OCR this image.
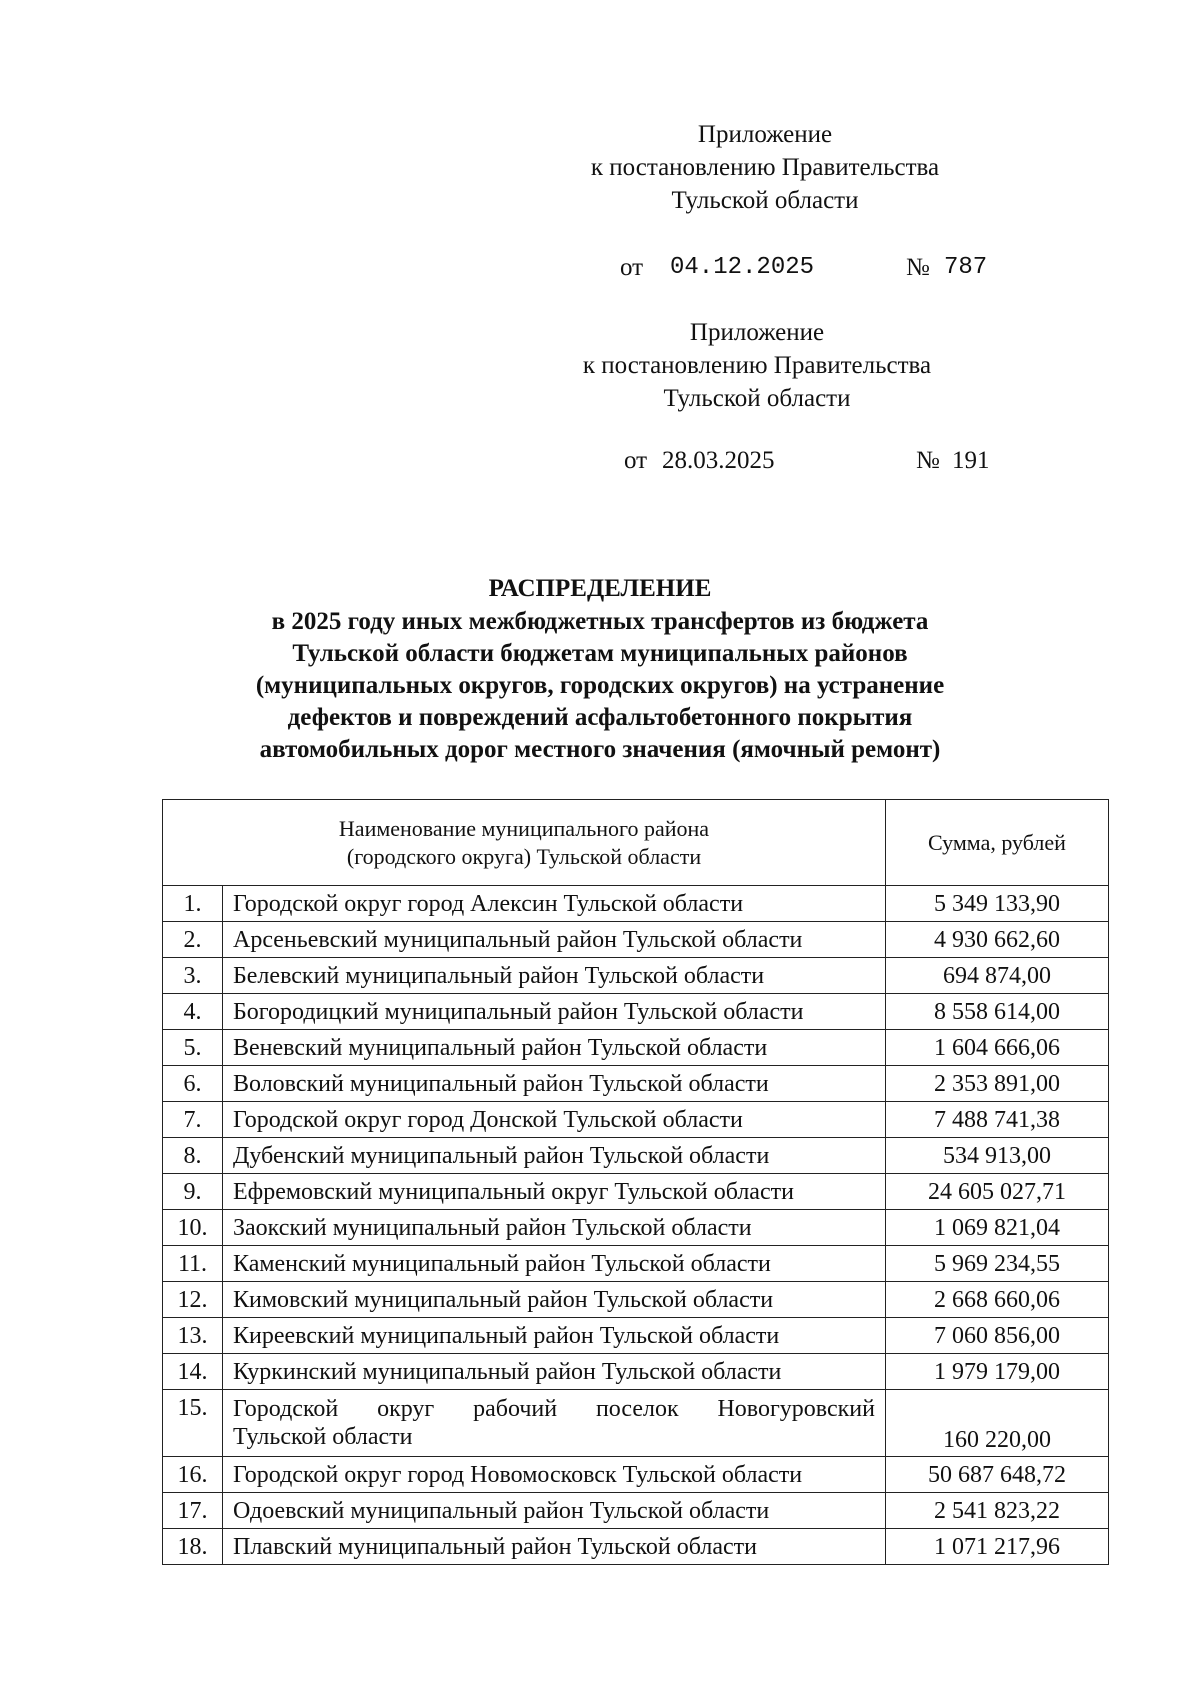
Приложение
к постановлению Правительства
Тульской области
от 04.12.2025	№ 787
Приложение
к постановлению Правительства
Тульской области
от 28.03.2025	№ 191
РАСПРЕДЕЛЕНИЕ
в 2025 году иных межбюджетных трансфертов из бюджета
Тульской области бюджетам муниципальных районов
(муниципальных округов, городских округов) на устранение
дефектов и повреждений асфальтобетонного покрытия
автомобильных дорог местного значения (ямочный ремонт)
Наименование муниципального района
(городского округа) Тульской области		Сумма, рублей
1.	Городской округ город Алексин Тульской области	5 349 133,90
2.	Арсеньевский муниципальный район Тульской области	4 930 662,60
3.	Белевский муниципальный район Тульской области	694 874,00
4.	Богородицкий муниципальный район Тульской области	8 558 614,00
5.	Веневский муниципальный район Тульской области	1 604 666,06
6.	Воловский муниципальный район Тульской области	2 353 891,00
7.	Городской округ город Донской Тульской области	7 488 741,38
8.	Дубенский муниципальный район Тульской области	534 913,00
9.	Ефремовский муниципальный округ Тульской области	24 605 027,71
10.	Заокский муниципальный район Тульской области	1 069 821,04
11.	Каменский муниципальный район Тульской области	5 969 234,55
12.	Кимовский муниципальный район Тульской области	2 668 660,06
13.	Киреевский муниципальный район Тульской области	7 060 856,00
14.	Куркинский муниципальный район Тульской области	1 979 179,00
15.	Городской округ рабочий поселок Новогуровский
Тульской области	160 220,00
16.	Городской округ город Новомосковск Тульской области	50 687 648,72
17.	Одоевский муниципальный район Тульской области	2 541 823,22
18.	Плавский муниципальный район Тульской области	1 071 217,96
